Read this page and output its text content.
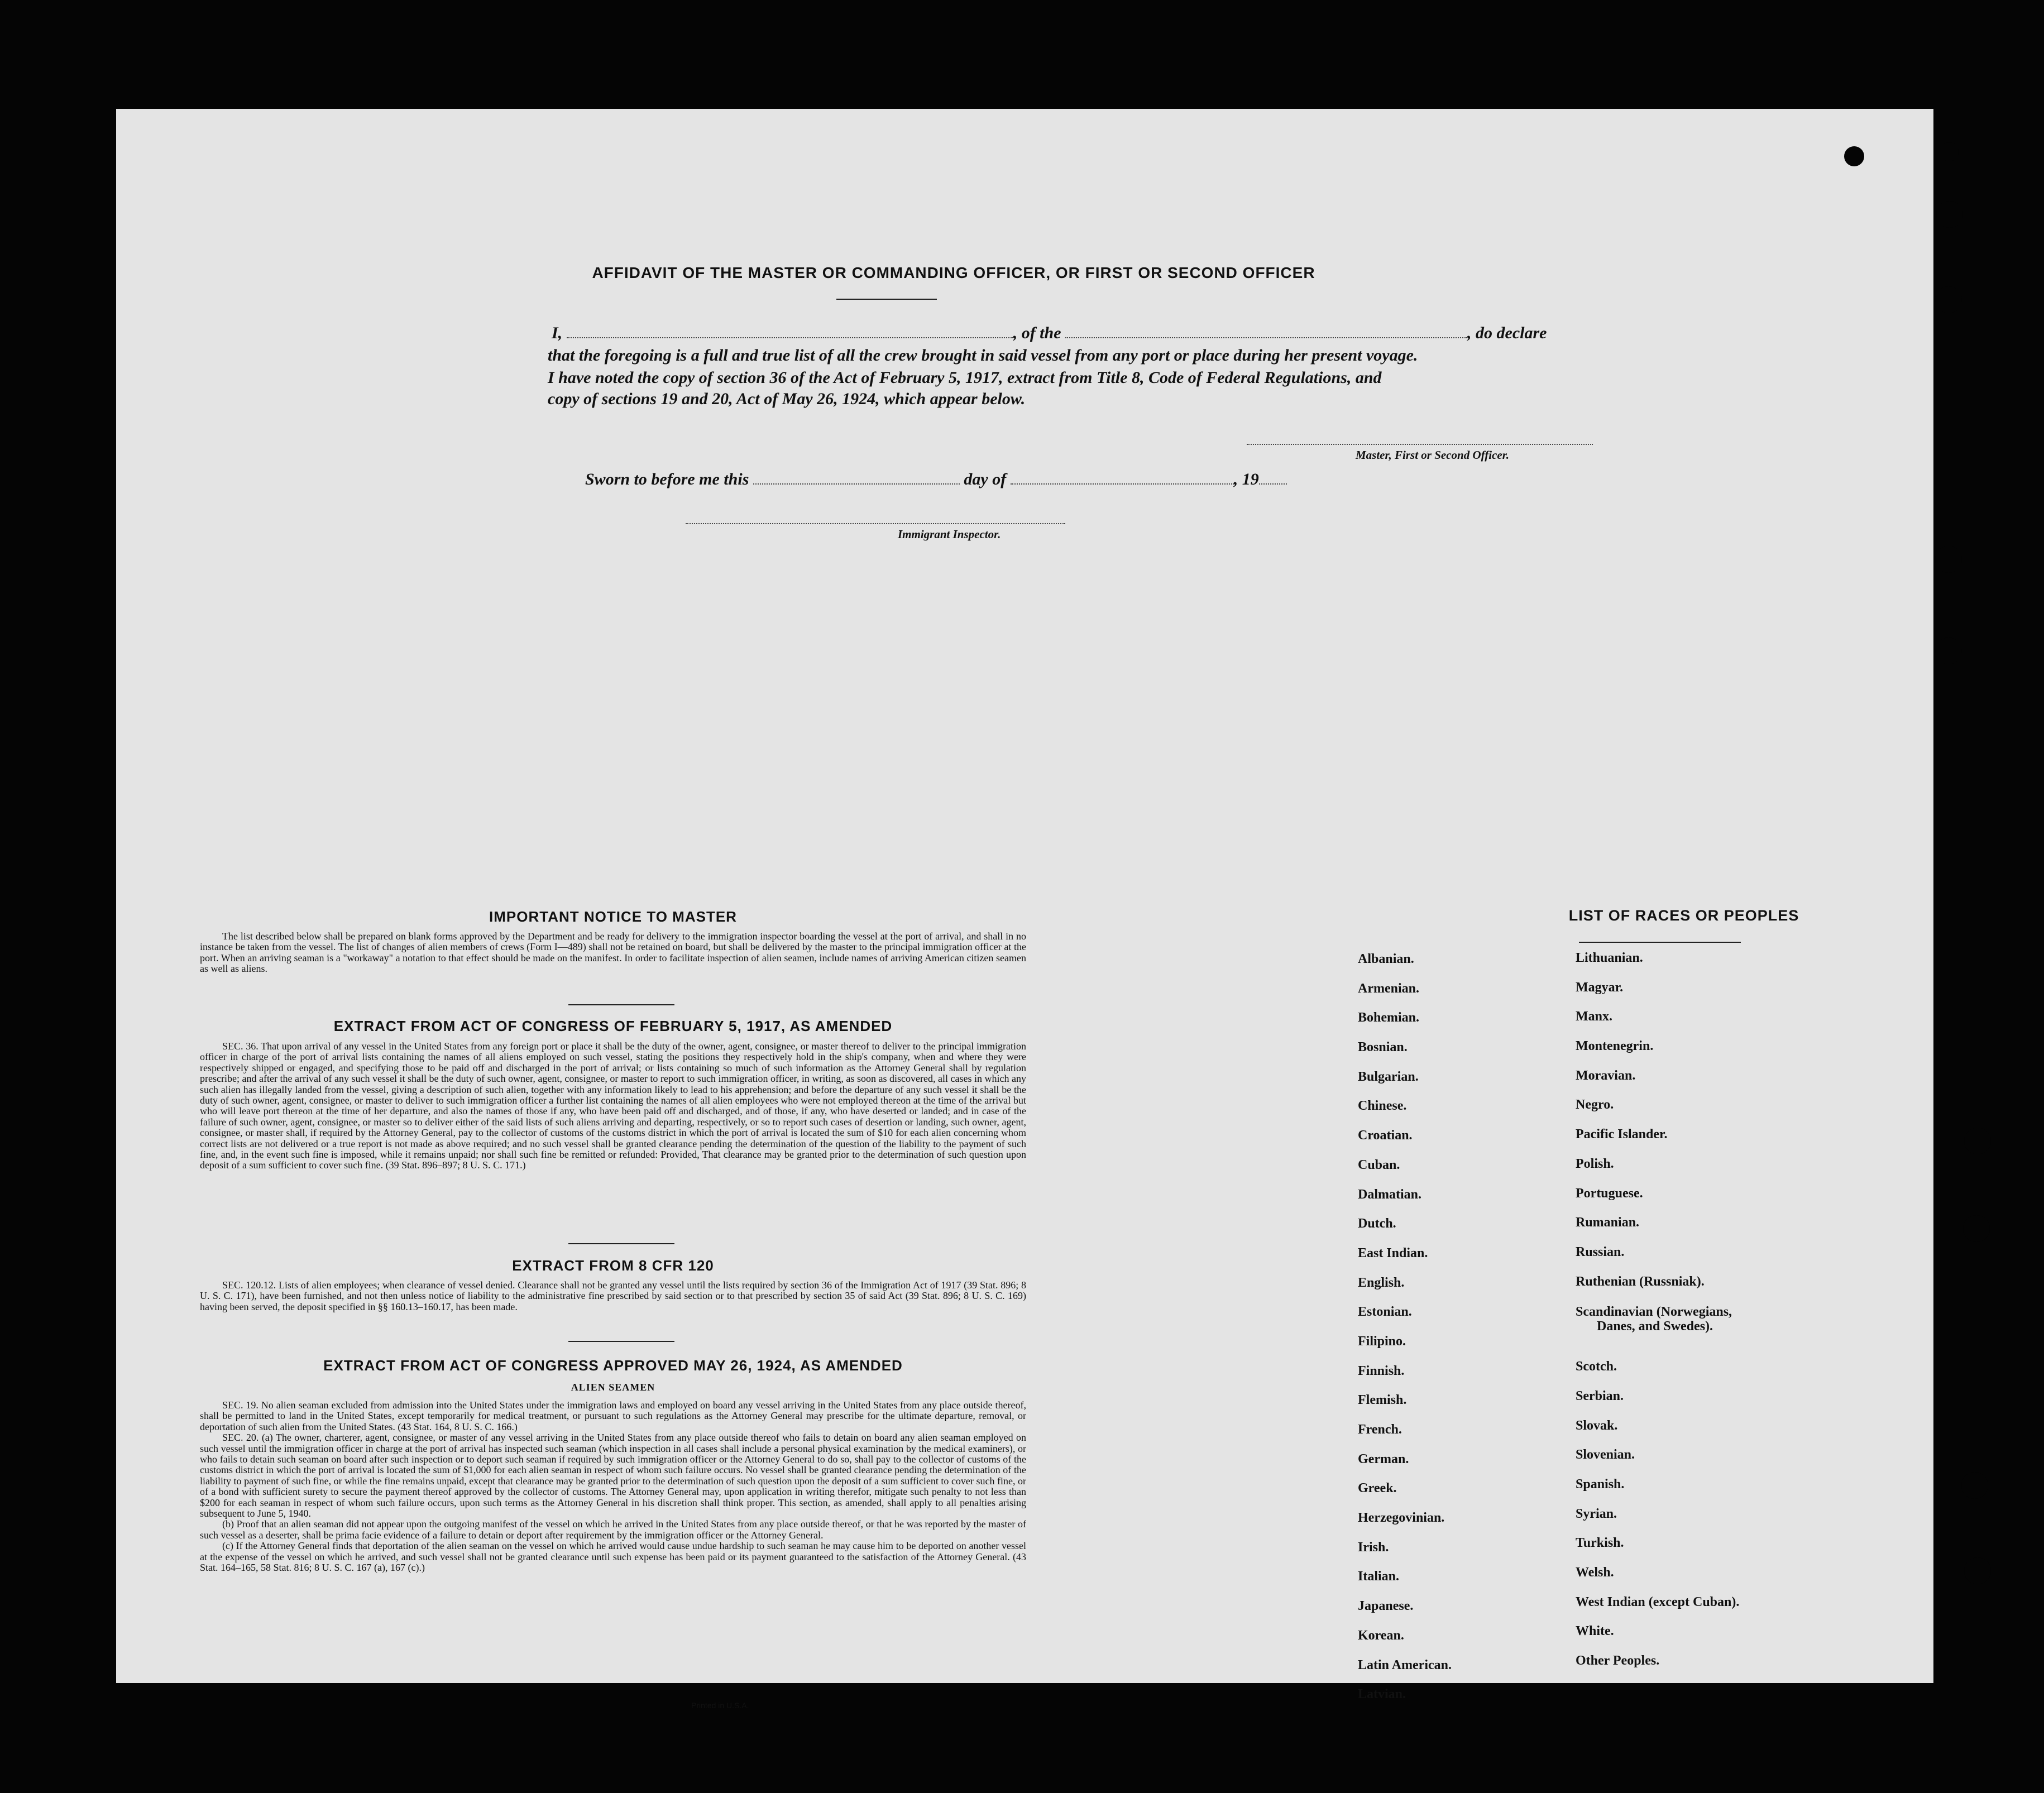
AFFIDAVIT OF THE MASTER OR COMMANDING OFFICER, OR FIRST OR SECOND OFFICER
I,	, of the	, do declare
that the foregoing is a full and true list of all the crew brought in said vessel from any port or place during her present voyage.
I have noted the copy of section 36 of the Act of February 5, 1917, extract from Title 8, Code of Federal Regulations, and
copy of sections 19 and 20, Act of May 26, 1924, which appear below.
Master, First or Second Officer.
Sworn to before me this	day of	, 19
Immigrant Inspector.
IMPORTANT NOTICE TO MASTER

The list described below shall be prepared on blank forms approved by the Department and be ready for delivery to the immigration inspector boarding the vessel at the port of arrival, and shall in no instance be taken from the vessel. The list of changes of alien members of crews (Form I—489) shall not be retained on board, but shall be delivered by the master to the principal immigration officer at the port. When an arriving seaman is a "workaway" a notation to that effect should be made on the manifest. In order to facilitate inspection of alien seamen, include names of arriving American citizen seamen as well as aliens.

EXTRACT FROM ACT OF CONGRESS OF FEBRUARY 5, 1917, AS AMENDED

SEC. 36. That upon arrival of any vessel in the United States from any foreign port or place it shall be the duty of the owner, agent, consignee, or master thereof to deliver to the principal immigration officer in charge of the port of arrival lists containing the names of all aliens employed on such vessel, stating the positions they respectively hold in the ship's company, when and where they were respectively shipped or engaged, and specifying those to be paid off and discharged in the port of arrival; or lists containing so much of such information as the Attorney General shall by regulation prescribe; and after the arrival of any such vessel it shall be the duty of such owner, agent, consignee, or master to report to such immigration officer, in writing, as soon as discovered, all cases in which any such alien has illegally landed from the vessel, giving a description of such alien, together with any information likely to lead to his apprehension; and before the departure of any such vessel it shall be the duty of such owner, agent, consignee, or master to deliver to such immigration officer a further list containing the names of all alien employees who were not employed thereon at the time of the arrival but who will leave port thereon at the time of her departure, and also the names of those if any, who have been paid off and discharged, and of those, if any, who have deserted or landed; and in case of the failure of such owner, agent, consignee, or master so to deliver either of the said lists of such aliens arriving and departing, respectively, or so to report such cases of desertion or landing, such owner, agent, consignee, or master shall, if required by the Attorney General, pay to the collector of customs of the customs district in which the port of arrival is located the sum of $10 for each alien concerning whom correct lists are not delivered or a true report is not made as above required; and no such vessel shall be granted clearance pending the determination of the question of the liability to the payment of such fine, and, in the event such fine is imposed, while it remains unpaid; nor shall such fine be remitted or refunded: Provided, That clearance may be granted prior to the determination of such question upon deposit of a sum sufficient to cover such fine. (39 Stat. 896–897; 8 U. S. C. 171.)

EXTRACT FROM 8 CFR 120

SEC. 120.12. Lists of alien employees; when clearance of vessel denied. Clearance shall not be granted any vessel until the lists required by section 36 of the Immigration Act of 1917 (39 Stat. 896; 8 U. S. C. 171), have been furnished, and not then unless notice of liability to the administrative fine prescribed by said section or to that prescribed by section 35 of said Act (39 Stat. 896; 8 U. S. C. 169) having been served, the deposit specified in §§ 160.13–160.17, has been made.

EXTRACT FROM ACT OF CONGRESS APPROVED MAY 26, 1924, AS AMENDED
ALIEN SEAMEN

SEC. 19. No alien seaman excluded from admission into the United States under the immigration laws and employed on board any vessel arriving in the United States from any place outside thereof, shall be permitted to land in the United States, except temporarily for medical treatment, or pursuant to such regulations as the Attorney General may prescribe for the ultimate departure, removal, or deportation of such alien from the United States. (43 Stat. 164, 8 U. S. C. 166.)

SEC. 20. (a) The owner, charterer, agent, consignee, or master of any vessel arriving in the United States from any place outside thereof who fails to detain on board any alien seaman employed on such vessel until the immigration officer in charge at the port of arrival has inspected such seaman (which inspection in all cases shall include a personal physical examination by the medical examiners), or who fails to detain such seaman on board after such inspection or to deport such seaman if required by such immigration officer or the Attorney General to do so, shall pay to the collector of customs of the customs district in which the port of arrival is located the sum of $1,000 for each alien seaman in respect of whom such failure occurs. No vessel shall be granted clearance pending the determination of the liability to payment of such fine, or while the fine remains unpaid, except that clearance may be granted prior to the determination of such question upon the deposit of a sum sufficient to cover such fine, or of a bond with sufficient surety to secure the payment thereof approved by the collector of customs. The Attorney General may, upon application in writing therefor, mitigate such penalty to not less than $200 for each seaman in respect of whom such failure occurs, upon such terms as the Attorney General in his discretion shall think proper. This section, as amended, shall apply to all penalties arising subsequent to June 5, 1940.

(b) Proof that an alien seaman did not appear upon the outgoing manifest of the vessel on which he arrived in the United States from any place outside thereof, or that he was reported by the master of such vessel as a deserter, shall be prima facie evidence of a failure to detain or deport after requirement by the immigration officer or the Attorney General.

(c) If the Attorney General finds that deportation of the alien seaman on the vessel on which he arrived would cause undue hardship to such seaman he may cause him to be deported on another vessel at the expense of the vessel on which he arrived, and such vessel shall not be granted clearance until such expense has been paid or its payment guaranteed to the satisfaction of the Attorney General. (43 Stat. 164–165, 58 Stat. 816; 8 U. S. C. 167 (a), 167 (c).)

Printed in U.S.A.
LIST OF RACES OR PEOPLES
Albanian.
Armenian.
Bohemian.
Bosnian.
Bulgarian.
Chinese.
Croatian.
Cuban.
Dalmatian.
Dutch.
East Indian.
English.
Estonian.
Filipino.
Finnish.
Flemish.
French.
German.
Greek.
Herzegovinian.
Irish.
Italian.
Japanese.
Korean.
Latin American.
Latvian.
Lithuanian.
Magyar.
Manx.
Montenegrin.
Moravian.
Negro.
Pacific Islander.
Polish.
Portuguese.
Rumanian.
Russian.
Ruthenian (Russniak).
Scandinavian (Norwegians,
Danes, and Swedes).
Scotch.
Serbian.
Slovak.
Slovenian.
Spanish.
Syrian.
Turkish.
Welsh.
West Indian (except Cuban).
White.
Other Peoples.
